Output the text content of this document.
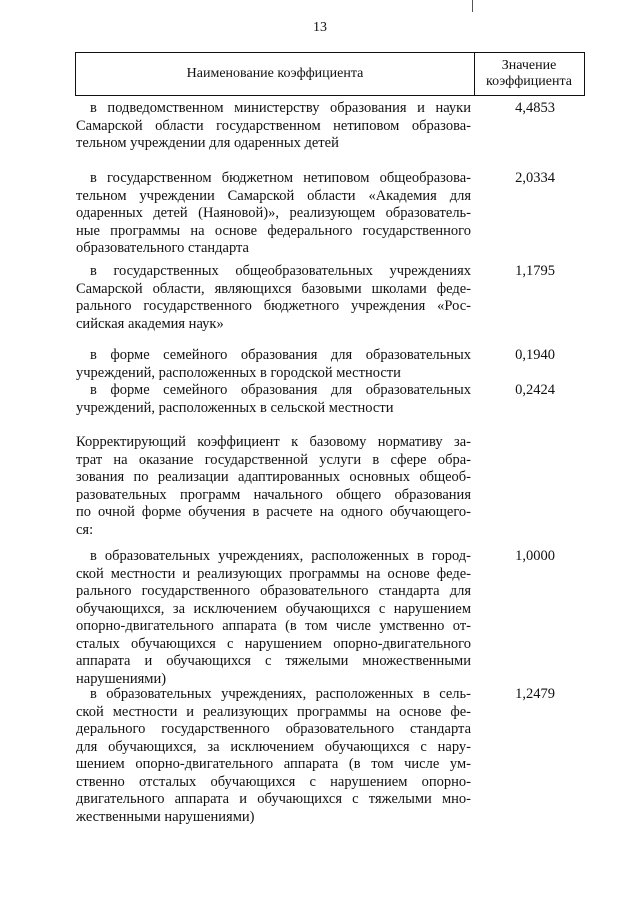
13
Наименование коэффициента
Значение
коэффициента
в подведомственном министерству образования и науки
Самарской области государственном нетиповом образова-
тельном учреждении для одаренных детей
4,4853
в государственном бюджетном нетиповом общеобразова-
тельном учреждении Самарской области «Академия для
одаренных детей (Наяновой)», реализующем образователь-
ные программы на основе федерального государственного
образовательного стандарта
2,0334
в государственных общеобразовательных учреждениях
Самарской области, являющихся базовыми школами феде-
рального государственного бюджетного учреждения «Рос-
сийская академия наук»
1,1795
в форме семейного образования для образовательных
учреждений, расположенных в городской местности
0,1940
в форме семейного образования для образовательных
учреждений, расположенных в сельской местности
0,2424
Корректирующий коэффициент к базовому нормативу за-
трат на оказание государственной услуги в сфере обра-
зования по реализации адаптированных основных общеоб-
разовательных программ начального общего образования
по очной форме обучения в расчете на одного обучающего-
ся:
в образовательных учреждениях, расположенных в город-
ской местности и реализующих программы на основе феде-
рального государственного образовательного стандарта для
обучающихся, за исключением обучающихся с нарушением
опорно-двигательного аппарата (в том числе умственно от-
сталых обучающихся с нарушением опорно-двигательного
аппарата и обучающихся с тяжелыми множественными
нарушениями)
1,0000
в образовательных учреждениях, расположенных в сель-
ской местности и реализующих программы на основе фе-
дерального государственного образовательного стандарта
для обучающихся, за исключением обучающихся с нару-
шением опорно-двигательного аппарата (в том числе ум-
ственно отсталых обучающихся с нарушением опорно-
двигательного аппарата и обучающихся с тяжелыми мно-
жественными нарушениями)
1,2479
